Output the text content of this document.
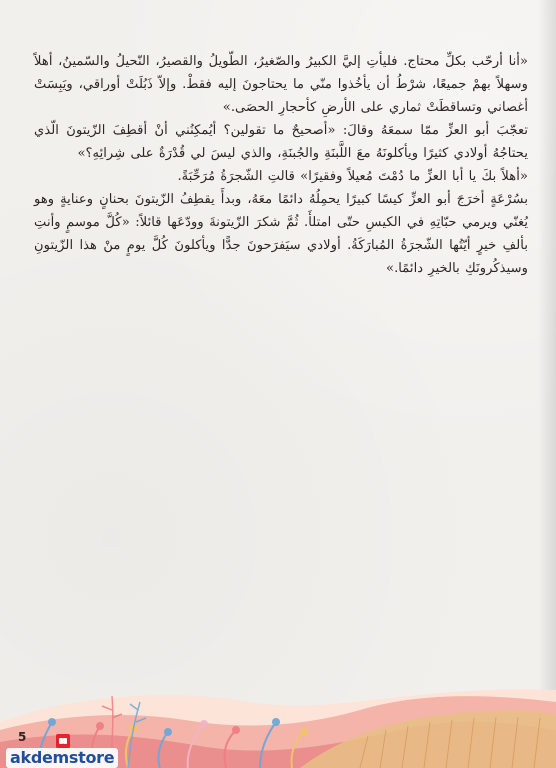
«أنا أرحّب بكلِّ محتاج. فليأتِ إليَّ الكبيرُ والصّغيرُ، الطّويلُ والقصيرُ، النّحيلُ والسّمينُ، أهلاً وسهلاً بهمْ جميعًا، شرْطُ أن يأخُذوا منّي ما يحتاجونَ إليه فقطْ. وإلاّ ذَبُلَتْ أوراقي، ويَبِسَتْ أغصاني وتساقطَتْ ثماري على الأرضِ كأحجارِ الحصَى.»

تعجّبَ أبو العزِّ ممّا سمعَهُ وقالَ: «أصحيحٌ ما تقولين؟ أيُمكِنُني أنْ أقطِفَ الزّيتونَ الّذي يحتاجُهُ أولادي كثيرًا ويأكلونَهُ معَ اللَّبنَةِ والجُبنَةِ، والذي ليسَ لي قُدْرَةٌ على شِرائِهِ؟»

«أهلاً بكَ يا أبا العزِّ ما دُمْتَ مُعيلاً وفقيرًا» قالتِ الشّجرَةُ مُرَحِّبَةً.

بسُرْعَةٍ أخرَجَ أبو العزِّ كيسًا كبيرًا يحمِلُهُ دائمًا معَهُ، وبدأَ يقطِفُ الزّيتونَ بحنانٍ وعنايةٍ وهو يُغنّي ويرمي حبّاتِهِ في الكيسِ حتّى امتلأَ. ثُمَّ شكرَ الزّيتونةَ وودّعَها قائلاً: «كُلَّ موسمٍ وأنتِ بألفِ خيرٍ أيّتُها الشّجرَةُ المُبارَكَةُ. أولادي سيَفرَحونَ جدًّا ويأكلونَ كُلَّ يومٍ منْ هذا الزّيتونِ وسيذكُرونَكِ بالخيرِ دائمًا.»

5
akdemstore
